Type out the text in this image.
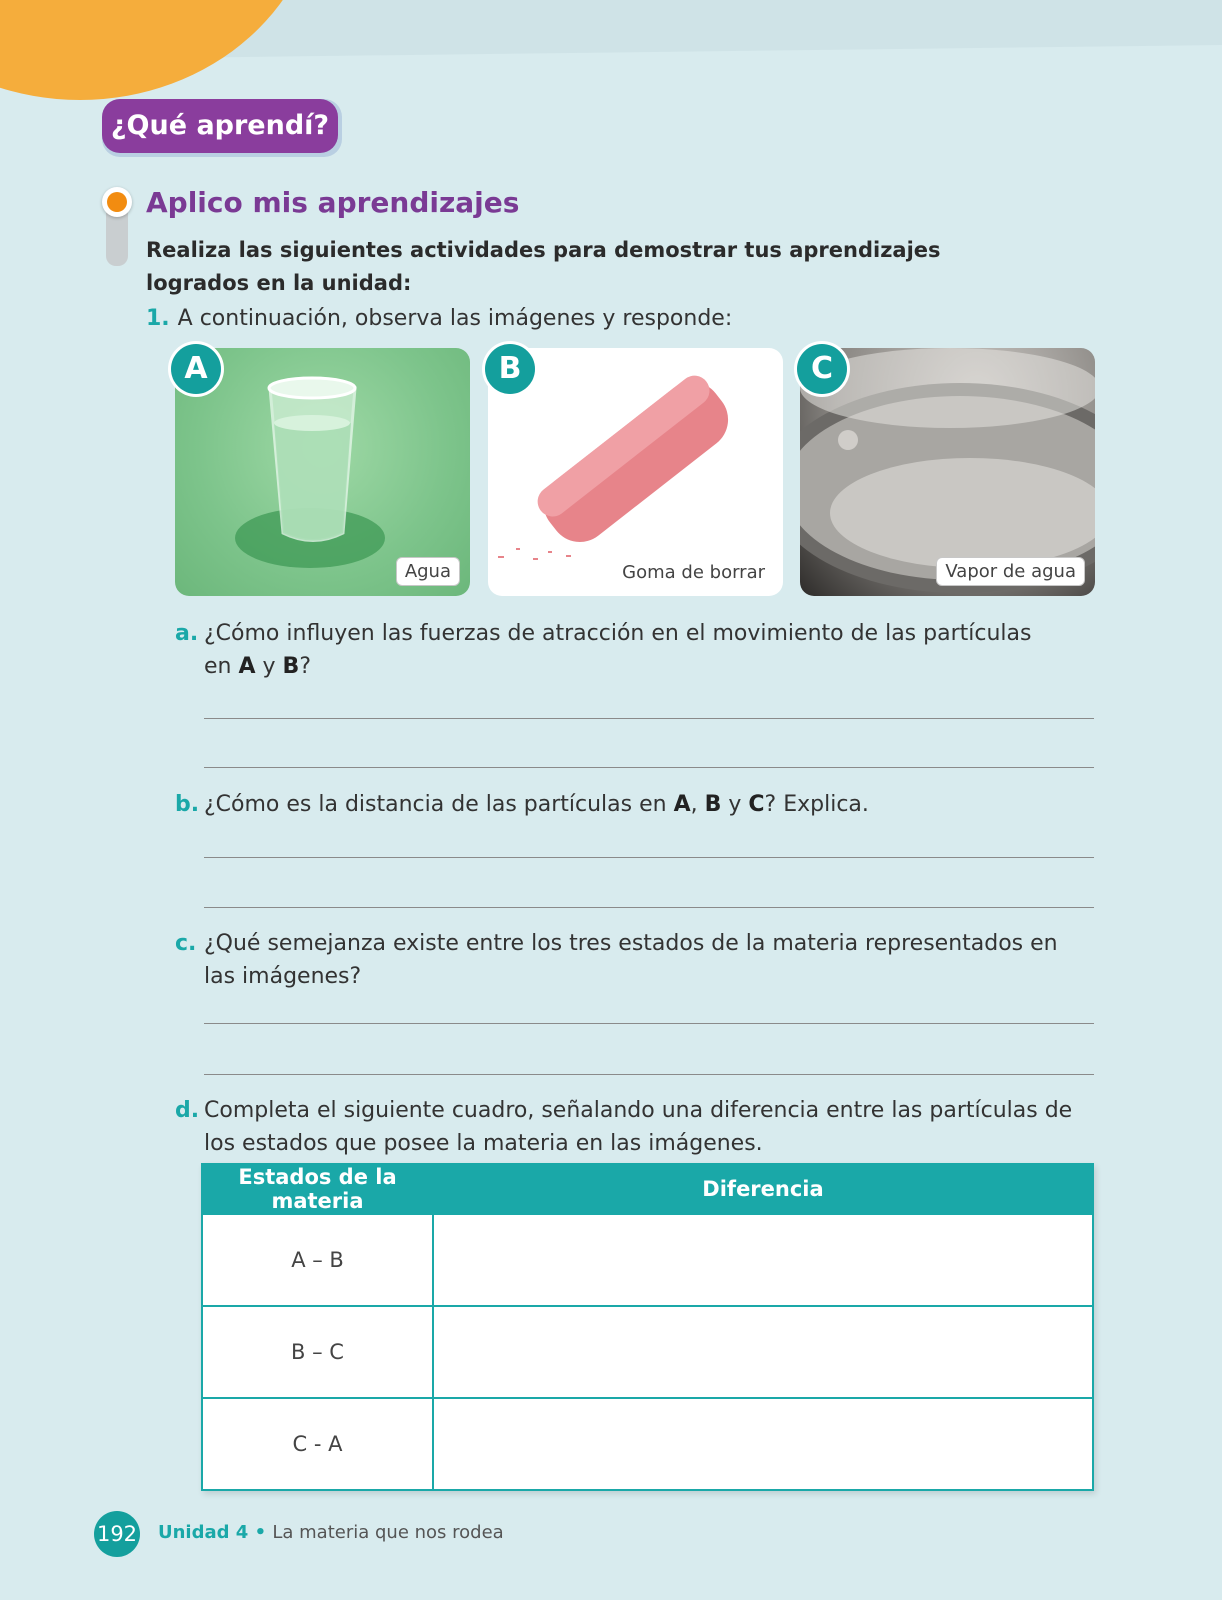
¿Qué aprendí?
Aplico mis aprendizajes

Realiza las siguientes actividades para demostrar tus aprendizajes logrados en la unidad:

1. A continuación, observa las imágenes y responde:

Agua	Goma de borrar	Vapor de agua
A	B	C

a. ¿Cómo influyen las fuerzas de atracción en el movimiento de las partículas
en A y B?

b. ¿Cómo es la distancia de las partículas en A, B y C? Explica.

c. ¿Qué semejanza existe entre los tres estados de la materia representados en
las imágenes?

d. Completa el siguiente cuadro, señalando una diferencia entre las partículas de
los estados que posee la materia en las imágenes.

Estados de la materia	Diferencia
A – B	
B – C	
C - A	
192 Unidad 4 • La materia que nos rodea
